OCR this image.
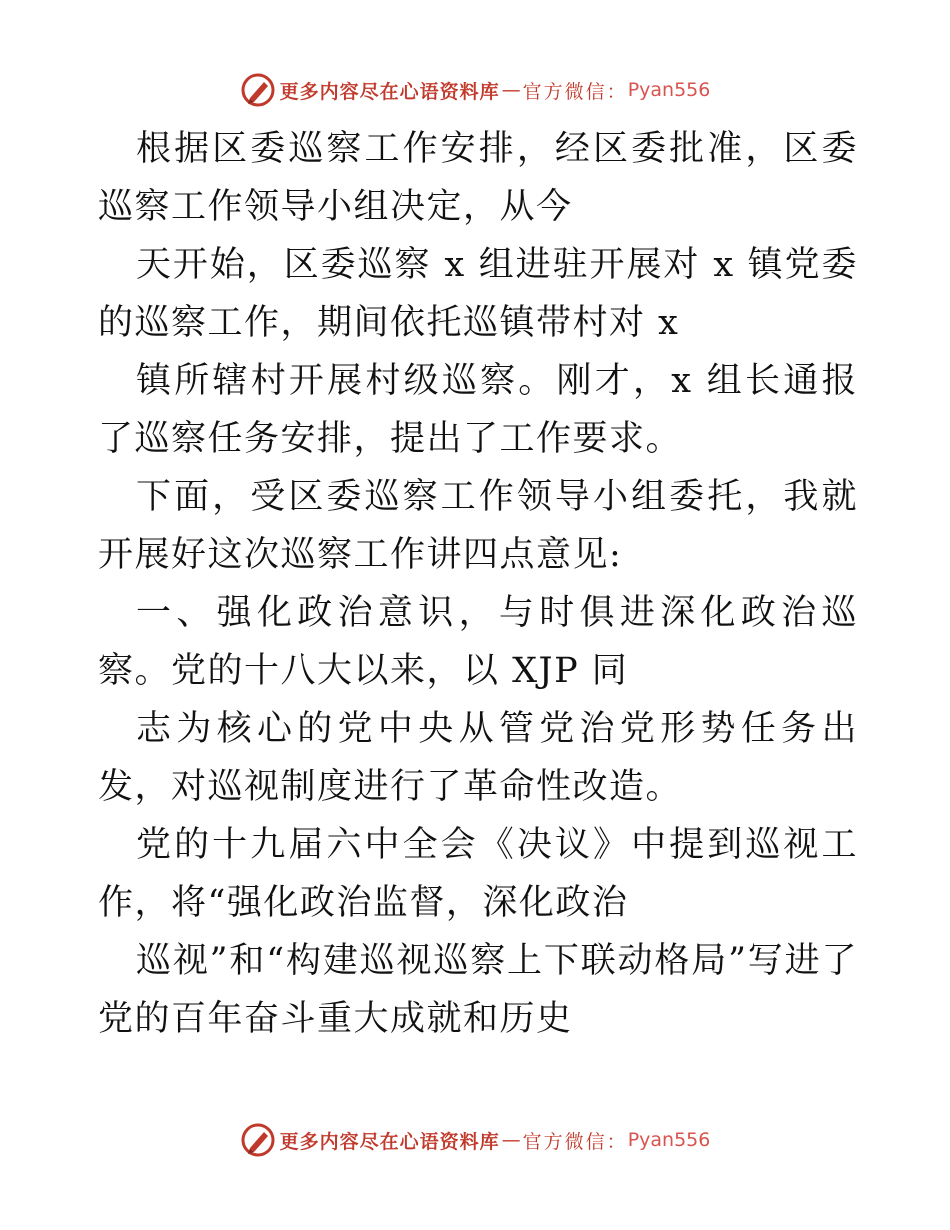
更多内容尽在心语资料库 — 官方微信： Pyan556

根据区委巡察工作安排，经区委批准，区委巡察工作领导小组决定，从今

天开始，区委巡察 x 组进驻开展对 x 镇党委的巡察工作，期间依托巡镇带村对 x

镇所辖村开展村级巡察。刚才，x 组长通报了巡察任务安排，提出了工作要求。

下面，受区委巡察工作领导小组委托，我就开展好这次巡察工作讲四点意见:

一、强化政治意识，与时俱进深化政治巡察。党的十八大以来，以 XJP 同

志为核心的党中央从管党治党形势任务出发，对巡视制度进行了革命性改造。

党的十九届六中全会《决议》中提到巡视工作，将“强化政治监督，深化政治

巡视”和“构建巡视巡察上下联动格局”写进了党的百年奋斗重大成就和历史

更多内容尽在心语资料库 — 官方微信： Pyan556
